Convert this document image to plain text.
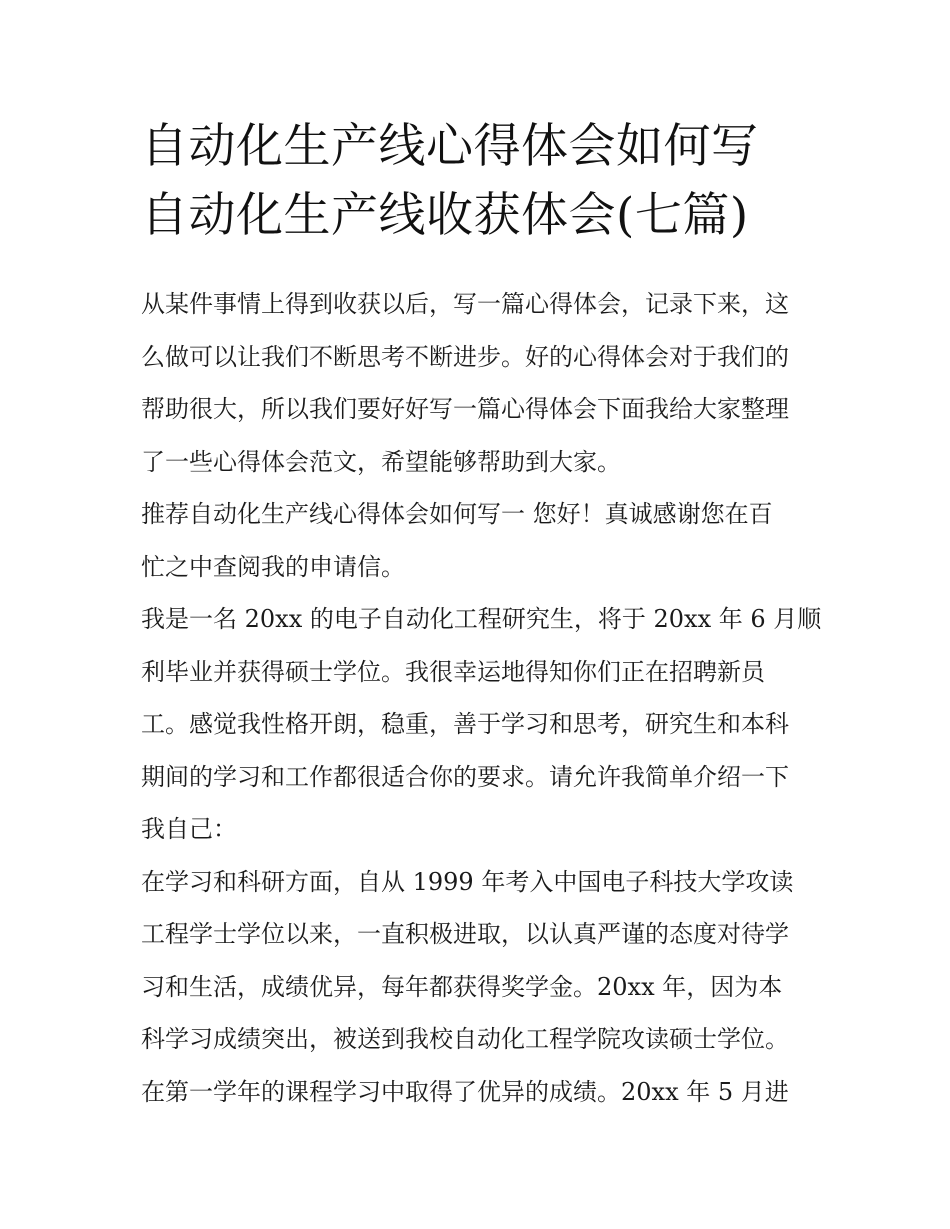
自动化生产线心得体会如何写
自动化生产线收获体会(七篇)
从某件事情上得到收获以后，写一篇心得体会，记录下来，这
么做可以让我们不断思考不断进步。好的心得体会对于我们的
帮助很大，所以我们要好好写一篇心得体会下面我给大家整理
了一些心得体会范文，希望能够帮助到大家。
推荐自动化生产线心得体会如何写一 您好！真诚感谢您在百
忙之中查阅我的申请信。
我是一名 20xx 的电子自动化工程研究生，将于 20xx 年 6 月顺
利毕业并获得硕士学位。我很幸运地得知你们正在招聘新员
工。感觉我性格开朗，稳重，善于学习和思考，研究生和本科
期间的学习和工作都很适合你的要求。请允许我简单介绍一下
我自己：
在学习和科研方面，自从 1999 年考入中国电子科技大学攻读
工程学士学位以来，一直积极进取，以认真严谨的态度对待学
习和生活，成绩优异，每年都获得奖学金。20xx 年，因为本
科学习成绩突出，被送到我校自动化工程学院攻读硕士学位。
在第一学年的课程学习中取得了优异的成绩。20xx 年 5 月进
